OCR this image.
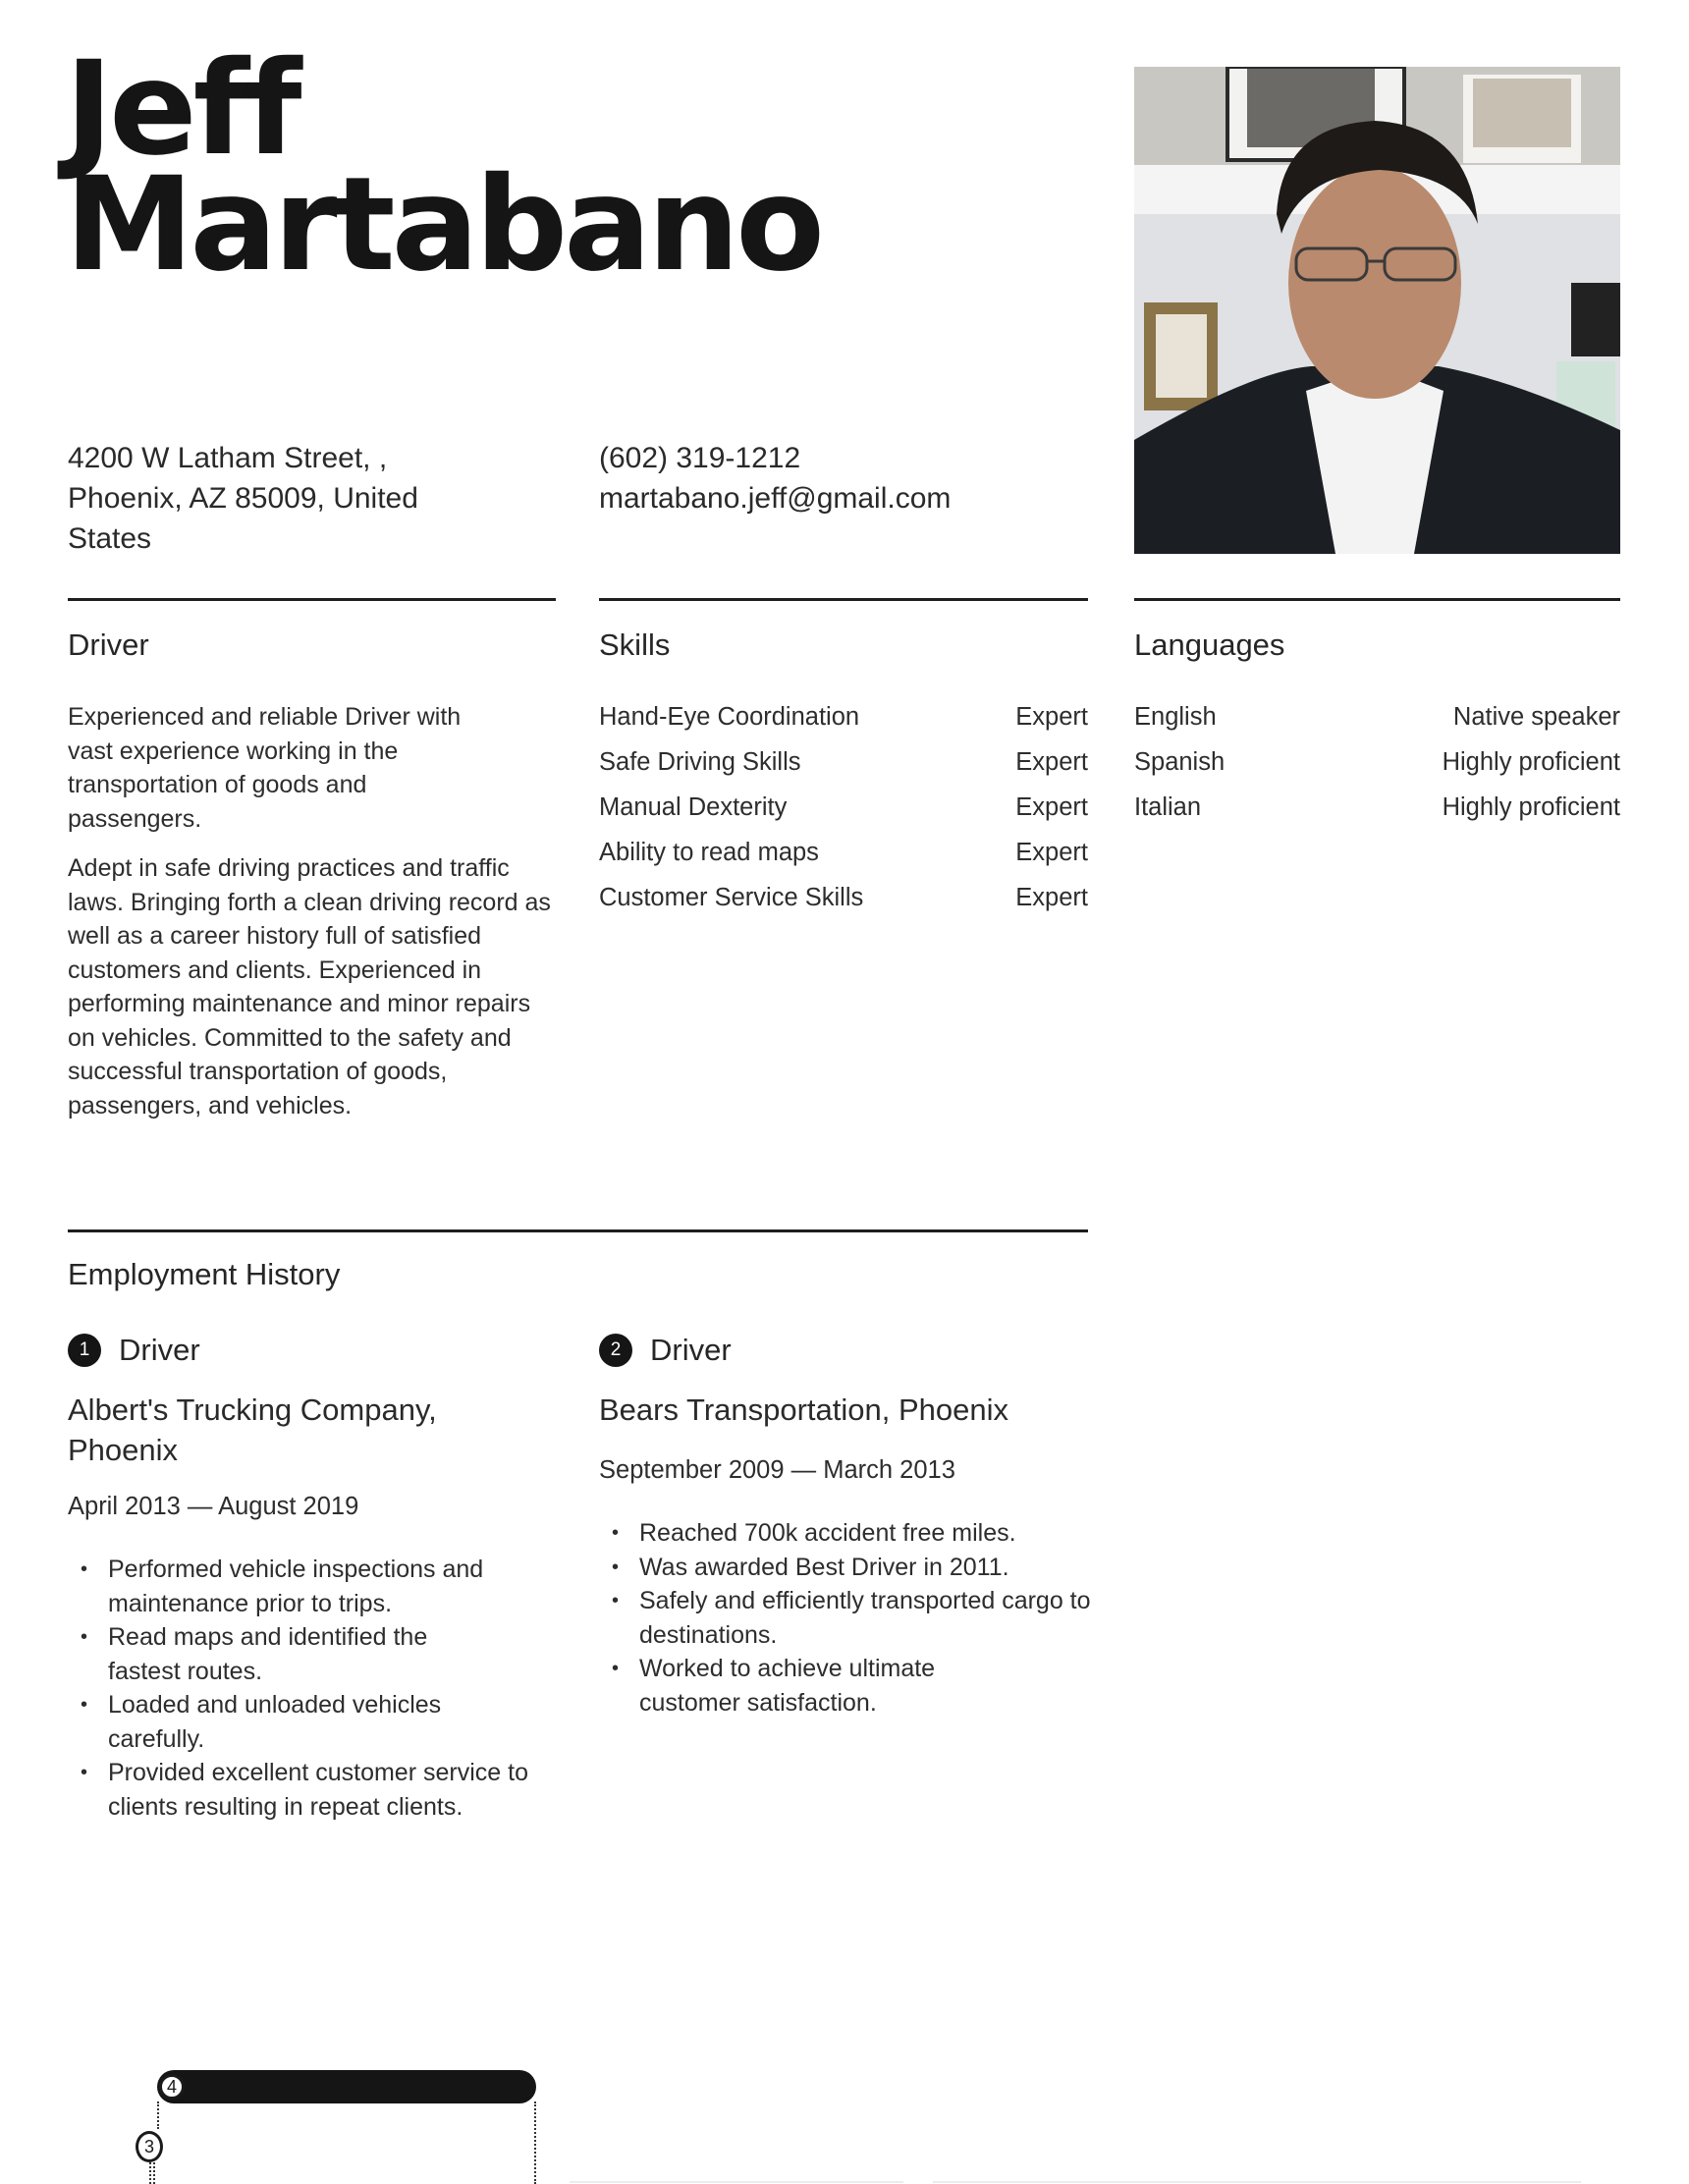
Jeff
Martabano
4200 W Latham Street, ,
Phoenix, AZ 85009, United
States
(602) 319-1212
martabano.jeff@gmail.com
Driver

Experienced and reliable Driver with vast experience working in the transportation of goods and passengers.

Adept in safe driving practices and traffic laws. Bringing forth a clean driving record as well as a career history full of satisfied customers and clients. Experienced in performing maintenance and minor repairs on vehicles. Committed to the safety and successful transportation of goods, passengers, and vehicles.

Skills
Hand-Eye Coordination	Expert
Safe Driving Skills	Expert
Manual Dexterity	Expert
Ability to read maps	Expert
Customer Service Skills	Expert
Languages
English	Native speaker
Spanish	Highly proficient
Italian	Highly proficient
Employment History
1 Driver
Albert's Trucking Company, Phoenix
April 2013 — August 2019
• Performed vehicle inspections and maintenance prior to trips.
• Read maps and identified the fastest routes.
• Loaded and unloaded vehicles carefully.
• Provided excellent customer service to clients resulting in repeat clients.
2 Driver
Bears Transportation, Phoenix
September 2009 — March 2013
• Reached 700k accident free miles.
• Was awarded Best Driver in 2011.
• Safely and efficiently transported cargo to destinations.
• Worked to achieve ultimate customer satisfaction.
4
3
